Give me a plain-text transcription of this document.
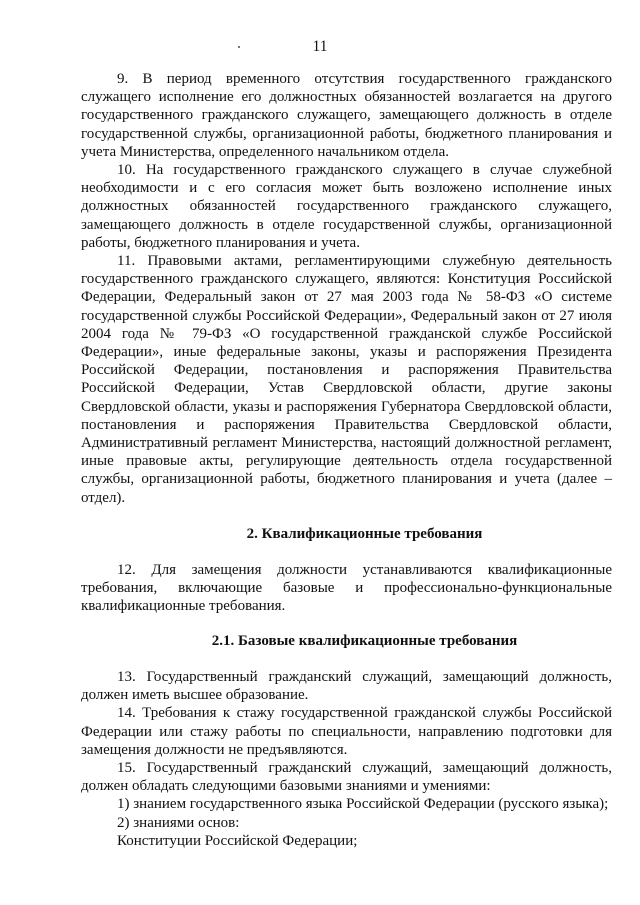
11

9. В период временного отсутствия государственного гражданского служащего исполнение его должностных обязанностей возлагается на другого государственного гражданского служащего, замещающего должность в отделе государственной службы, организационной работы, бюджетного планирования и учета Министерства, определенного начальником отдела.

10. На государственного гражданского служащего в случае служебной необходимости и с его согласия может быть возложено исполнение иных должностных обязанностей государственного гражданского служащего, замещающего должность в отделе государственной службы, организационной работы, бюджетного планирования и учета.

11. Правовыми актами, регламентирующими служебную деятельность государственного гражданского служащего, являются: Конституция Российской Федерации, Федеральный закон от 27 мая 2003 года № 58-ФЗ «О системе государственной службы Российской Федерации», Федеральный закон от 27 июля 2004 года № 79-ФЗ «О государственной гражданской службе Российской Федерации», иные федеральные законы, указы и распоряжения Президента Российской Федерации, постановления и распоряжения Правительства Российской Федерации, Устав Свердловской области, другие законы Свердловской области, указы и распоряжения Губернатора Свердловской области, постановления и распоряжения Правительства Свердловской области, Административный регламент Министерства, настоящий должностной регламент, иные правовые акты, регулирующие деятельность отдела государственной службы, организационной работы, бюджетного планирования и учета (далее – отдел).

2. Квалификационные требования

12. Для замещения должности устанавливаются квалификационные требования, включающие базовые и профессионально-функциональные квалификационные требования.

2.1. Базовые квалификационные требования

13. Государственный гражданский служащий, замещающий должность, должен иметь высшее образование.

14. Требования к стажу государственной гражданской службы Российской Федерации или стажу работы по специальности, направлению подготовки для замещения должности не предъявляются.

15. Государственный гражданский служащий, замещающий должность, должен обладать следующими базовыми знаниями и умениями:

1) знанием государственного языка Российской Федерации (русского языка);

2) знаниями основ:

Конституции Российской Федерации;
